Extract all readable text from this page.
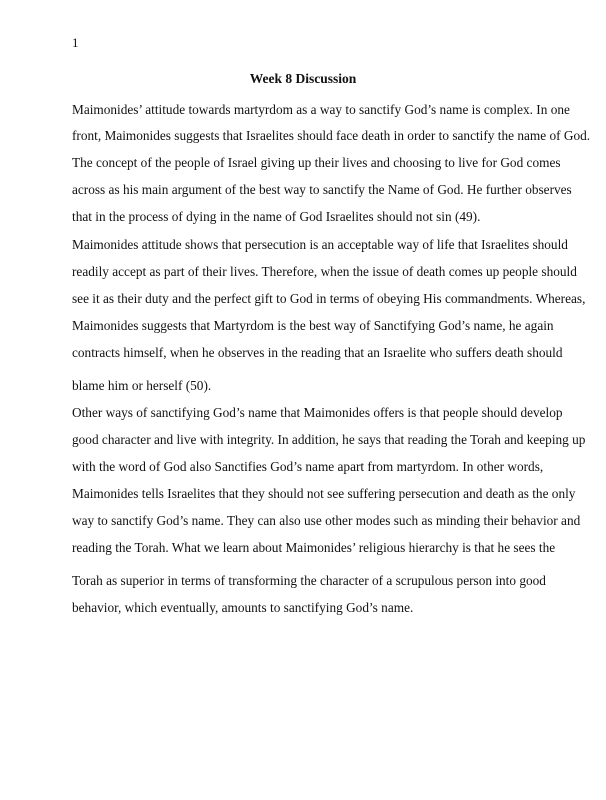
1
Week 8 Discussion
Maimonides’ attitude towards martyrdom as a way to sanctify God’s name is complex. In one
front, Maimonides suggests that Israelites should face death in order to sanctify the name of God.
The concept of the people of Israel giving up their lives and choosing to live for God comes
across as his main argument of the best way to sanctify the Name of God. He further observes
that in the process of dying in the name of God Israelites should not sin (49).
Maimonides attitude shows that persecution is an acceptable way of life that Israelites should
readily accept as part of their lives. Therefore, when the issue of death comes up people should
see it as their duty and the perfect gift to God in terms of obeying His commandments. Whereas,
Maimonides suggests that Martyrdom is the best way of Sanctifying God’s name, he again
contracts himself, when he observes in the reading that an Israelite who suffers death should
blame him or herself (50).
Other ways of sanctifying God’s name that Maimonides offers is that people should develop
good character and live with integrity. In addition, he says that reading the Torah and keeping up
with the word of God also Sanctifies God’s name apart from martyrdom. In other words,
Maimonides tells Israelites that they should not see suffering persecution and death as the only
way to sanctify God’s name. They can also use other modes such as minding their behavior and
reading the Torah. What we learn about Maimonides’ religious hierarchy is that he sees the
Torah as superior in terms of transforming the character of a scrupulous person into good
behavior, which eventually, amounts to sanctifying God’s name.
